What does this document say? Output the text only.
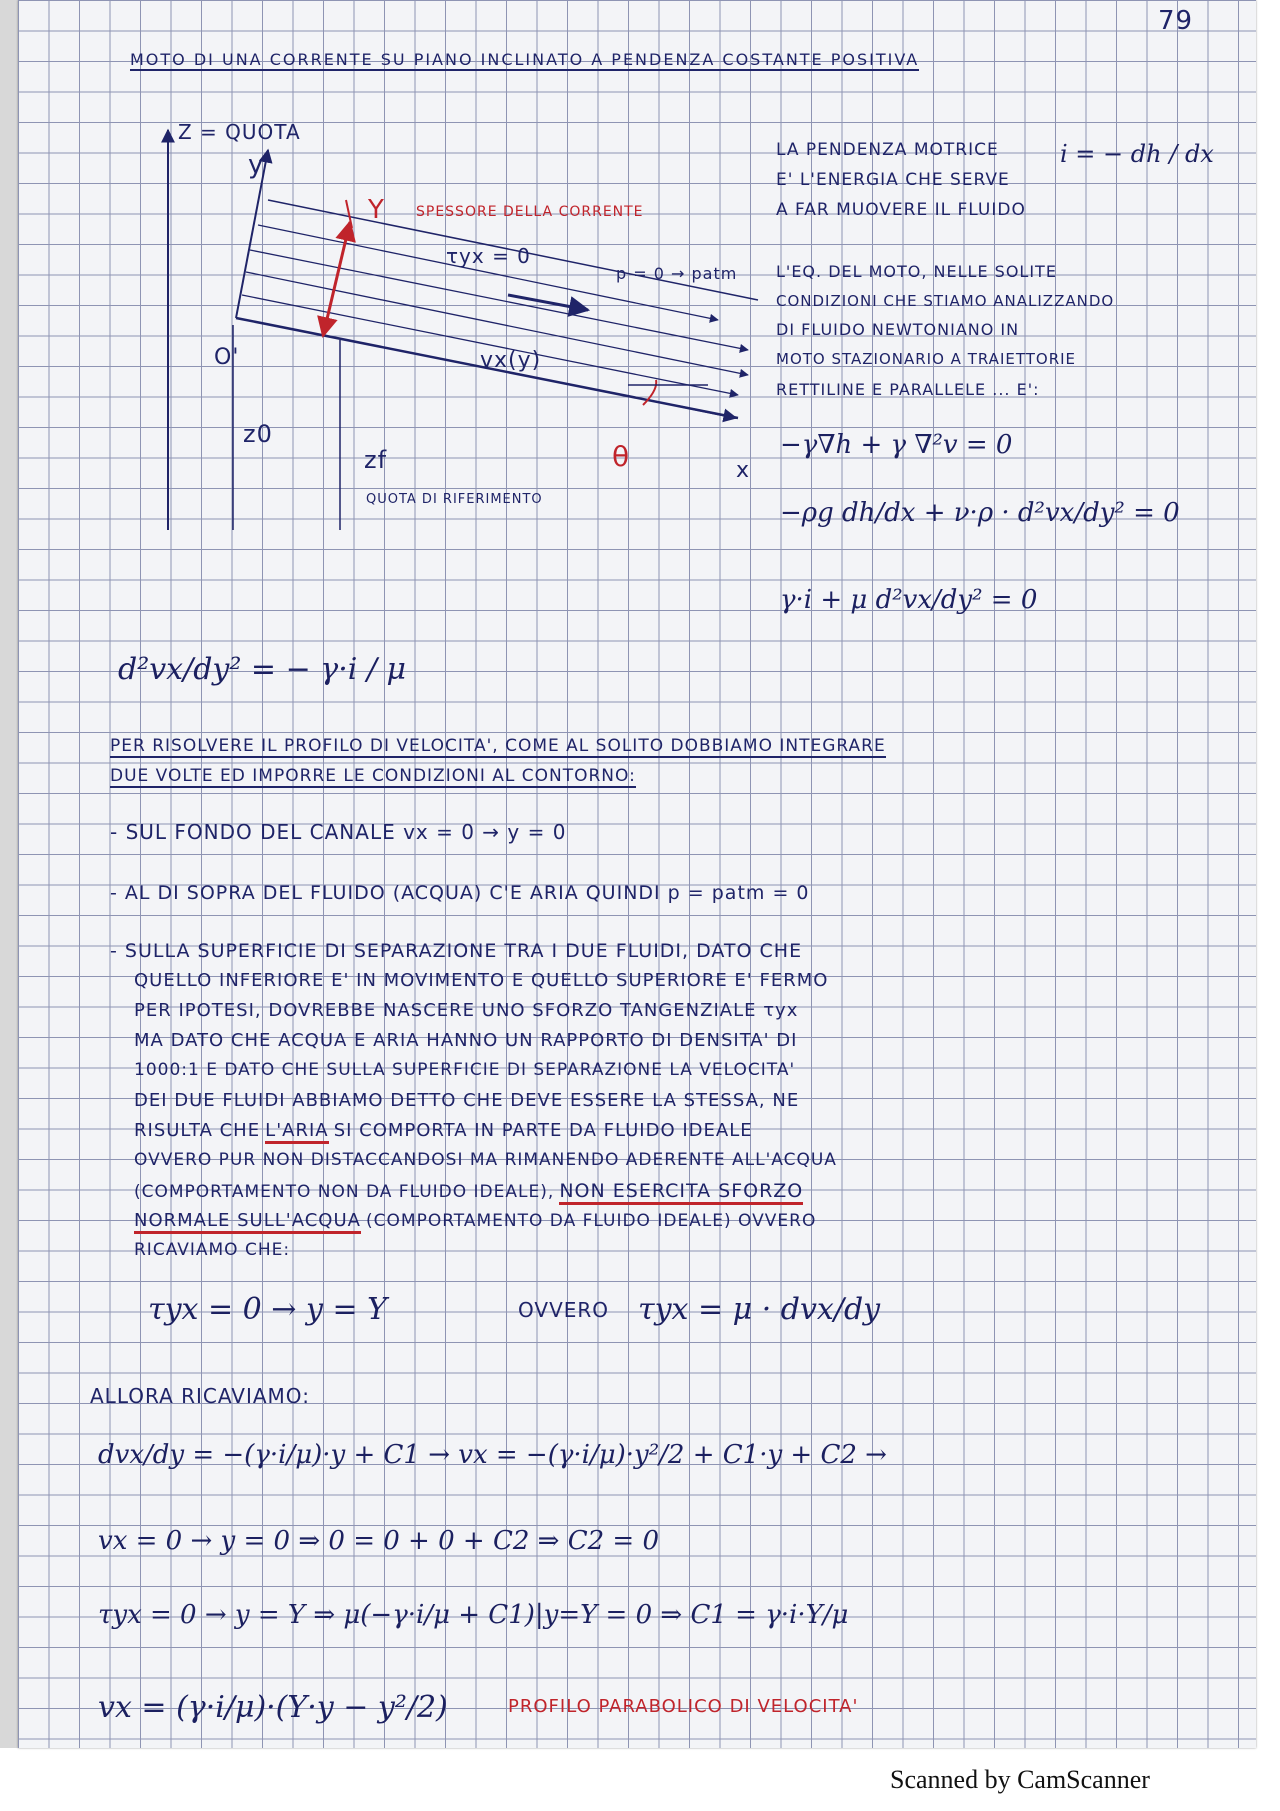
79
MOTO DI UNA CORRENTE SU PIANO INCLINATO A PENDENZA COSTANTE POSITIVA
Z = QUOTA
y
O'
Y SPESSORE DELLA CORRENTE
τyx = 0
p = 0 → patm
vx(y)
θ	x
z0
zf
QUOTA DI RIFERIMENTO
LA PENDENZA MOTRICE
E' L'ENERGIA CHE SERVE
A FAR MUOVERE IL FLUIDO
i = − dh / dx
L'EQ. DEL MOTO, NELLE SOLITE
CONDIZIONI CHE STIAMO ANALIZZANDO
DI FLUIDO NEWTONIANO IN
MOTO STAZIONARIO A TRAIETTORIE
RETTILINE E PARALLELE ... E':
−γ∇h + γ ∇²v = 0
−ρg dh/dx + ν·ρ · d²vx/dy² = 0
γ·i + μ d²vx/dy² = 0
d²vx/dy² = − γ·i / μ
PER RISOLVERE IL PROFILO DI VELOCITA', COME AL SOLITO DOBBIAMO INTEGRARE
DUE VOLTE ED IMPORRE LE CONDIZIONI AL CONTORNO:
- SUL FONDO DEL CANALE vx = 0 → y = 0
- AL DI SOPRA DEL FLUIDO (ACQUA) C'E ARIA QUINDI p = patm = 0
- SULLA SUPERFICIE DI SEPARAZIONE TRA I DUE FLUIDI, DATO CHE
QUELLO INFERIORE E' IN MOVIMENTO E QUELLO SUPERIORE E' FERMO
PER IPOTESI, DOVREBBE NASCERE UNO SFORZO TANGENZIALE τyx
MA DATO CHE ACQUA E ARIA HANNO UN RAPPORTO DI DENSITA' DI
1000:1 E DATO CHE SULLA SUPERFICIE DI SEPARAZIONE LA VELOCITA'
DEI DUE FLUIDI ABBIAMO DETTO CHE DEVE ESSERE LA STESSA, NE
RISULTA CHE L'ARIA SI COMPORTA IN PARTE DA FLUIDO IDEALE
OVVERO PUR NON DISTACCANDOSI MA RIMANENDO ADERENTE ALL'ACQUA
(COMPORTAMENTO NON DA FLUIDO IDEALE), NON ESERCITA SFORZO
NORMALE SULL'ACQUA (COMPORTAMENTO DA FLUIDO IDEALE) OVVERO
RICAVIAMO CHE:
τyx = 0 → y = Y	OVVERO τyx = μ · dvx/dy
ALLORA RICAVIAMO:
dvx/dy = −(γ·i/μ)·y + C1 → vx = −(γ·i/μ)·y²/2 + C1·y + C2 →
vx = 0 → y = 0 ⇒ 0 = 0 + 0 + C2 ⇒ C2 = 0
τyx = 0 → y = Y ⇒ μ(−γ·i/μ + C1)|y=Y = 0 ⇒ C1 = γ·i·Y/μ
vx = (γ·i/μ)·(Y·y − y²/2)	PROFILO PARABOLICO DI VELOCITA'
Scanned by CamScanner
